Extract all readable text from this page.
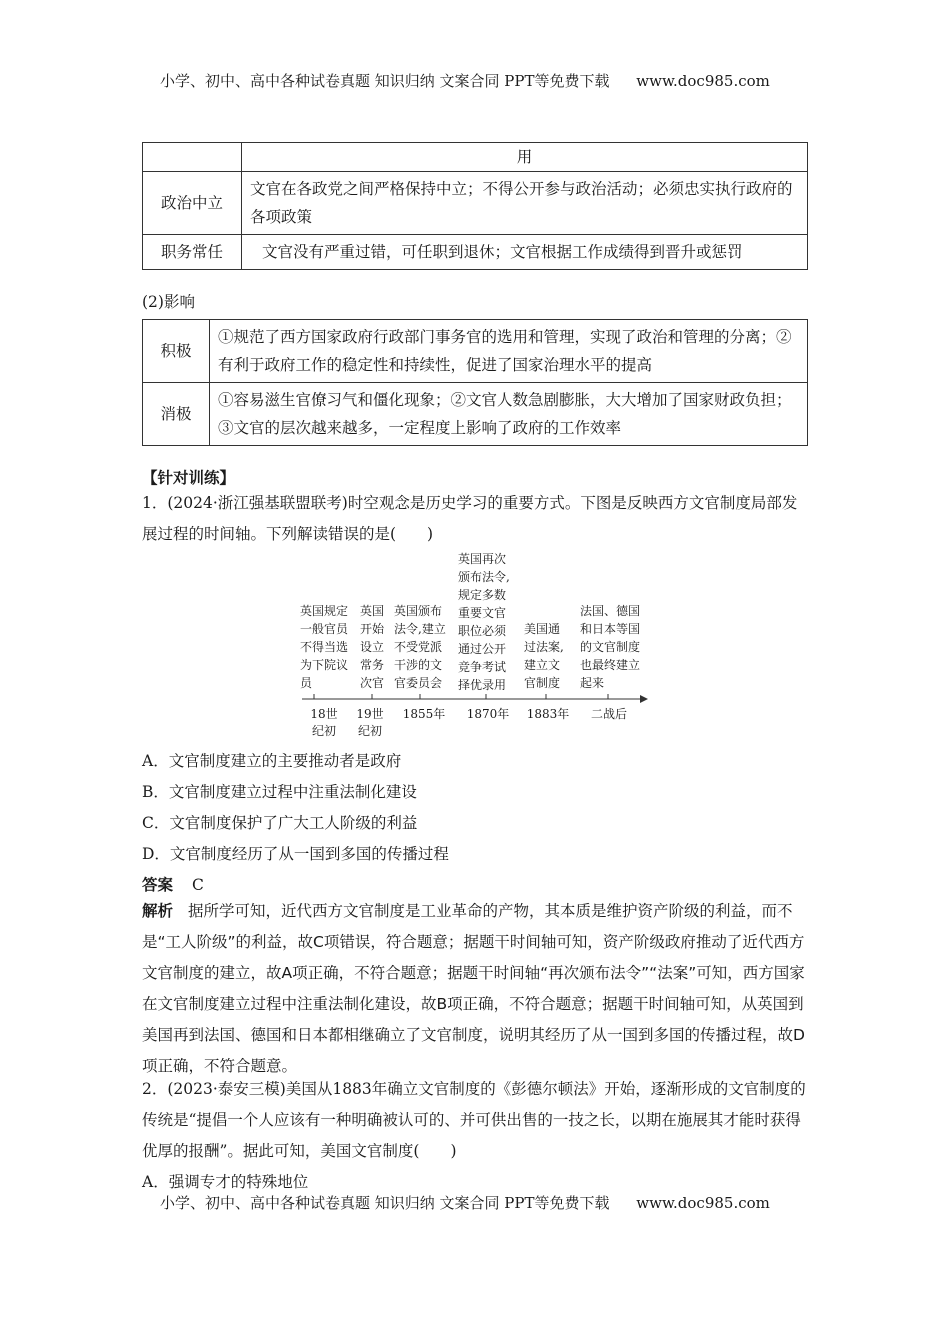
小学、初中、高中各种试卷真题 知识归纳 文案合同 PPT等免费下载 www.doc985.com
	用
政治中立	文官在各政党之间严格保持中立；不得公开参与政治活动；必须忠实执行政府的各项政策
职务常任	文官没有严重过错，可任职到退休；文官根据工作成绩得到晋升或惩罚
(2)影响
积极	①规范了西方国家政府行政部门事务官的选用和管理，实现了政治和管理的分离；②有利于政府工作的稳定性和持续性，促进了国家治理水平的提高
消极	①容易滋生官僚习气和僵化现象；②文官人数急剧膨胀，大大增加了国家财政负担；③文官的层次越来越多，一定程度上影响了政府的工作效率
【针对训练】
1．(2024·浙江强基联盟联考)时空观念是历史学习的重要方式。下图是反映西方文官制度局部发展过程的时间轴。下列解读错误的是(　　)
英国规定一般官员不得当选为下院议员
英国开始设立常务次官
英国颁布法令,建立不受党派干涉的文官委员会
英国再次颁布法令,规定多数重要文官职位必须通过公开竞争考试择优录用
美国通过法案,建立文官制度
法国、德国和日本等国的文官制度也最终建立起来
18世纪初
19世纪初
1855年 1870年 1883年	二战后
A．文官制度建立的主要推动者是政府
B．文官制度建立过程中注重法制化建设
C．文官制度保护了广大工人阶级的利益
D．文官制度经历了从一国到多国的传播过程
答案 C
解析 据所学可知，近代西方文官制度是工业革命的产物，其本质是维护资产阶级的利益，而不是“工人阶级”的利益，故C项错误，符合题意；据题干时间轴可知，资产阶级政府推动了近代西方文官制度的建立，故A项正确，不符合题意；据题干时间轴“再次颁布法令”“法案”可知，西方国家在文官制度建立过程中注重法制化建设，故B项正确，不符合题意；据题干时间轴可知，从英国到美国再到法国、德国和日本都相继确立了文官制度，说明其经历了从一国到多国的传播过程，故D项正确，不符合题意。
2．(2023·泰安三模)美国从1883年确立文官制度的《彭德尔顿法》开始，逐渐形成的文官制度的传统是“提倡一个人应该有一种明确被认可的、并可供出售的一技之长，以期在施展其才能时获得优厚的报酬”。据此可知，美国文官制度(　　)
A．强调专才的特殊地位
小学、初中、高中各种试卷真题 知识归纳 文案合同 PPT等免费下载 www.doc985.com
